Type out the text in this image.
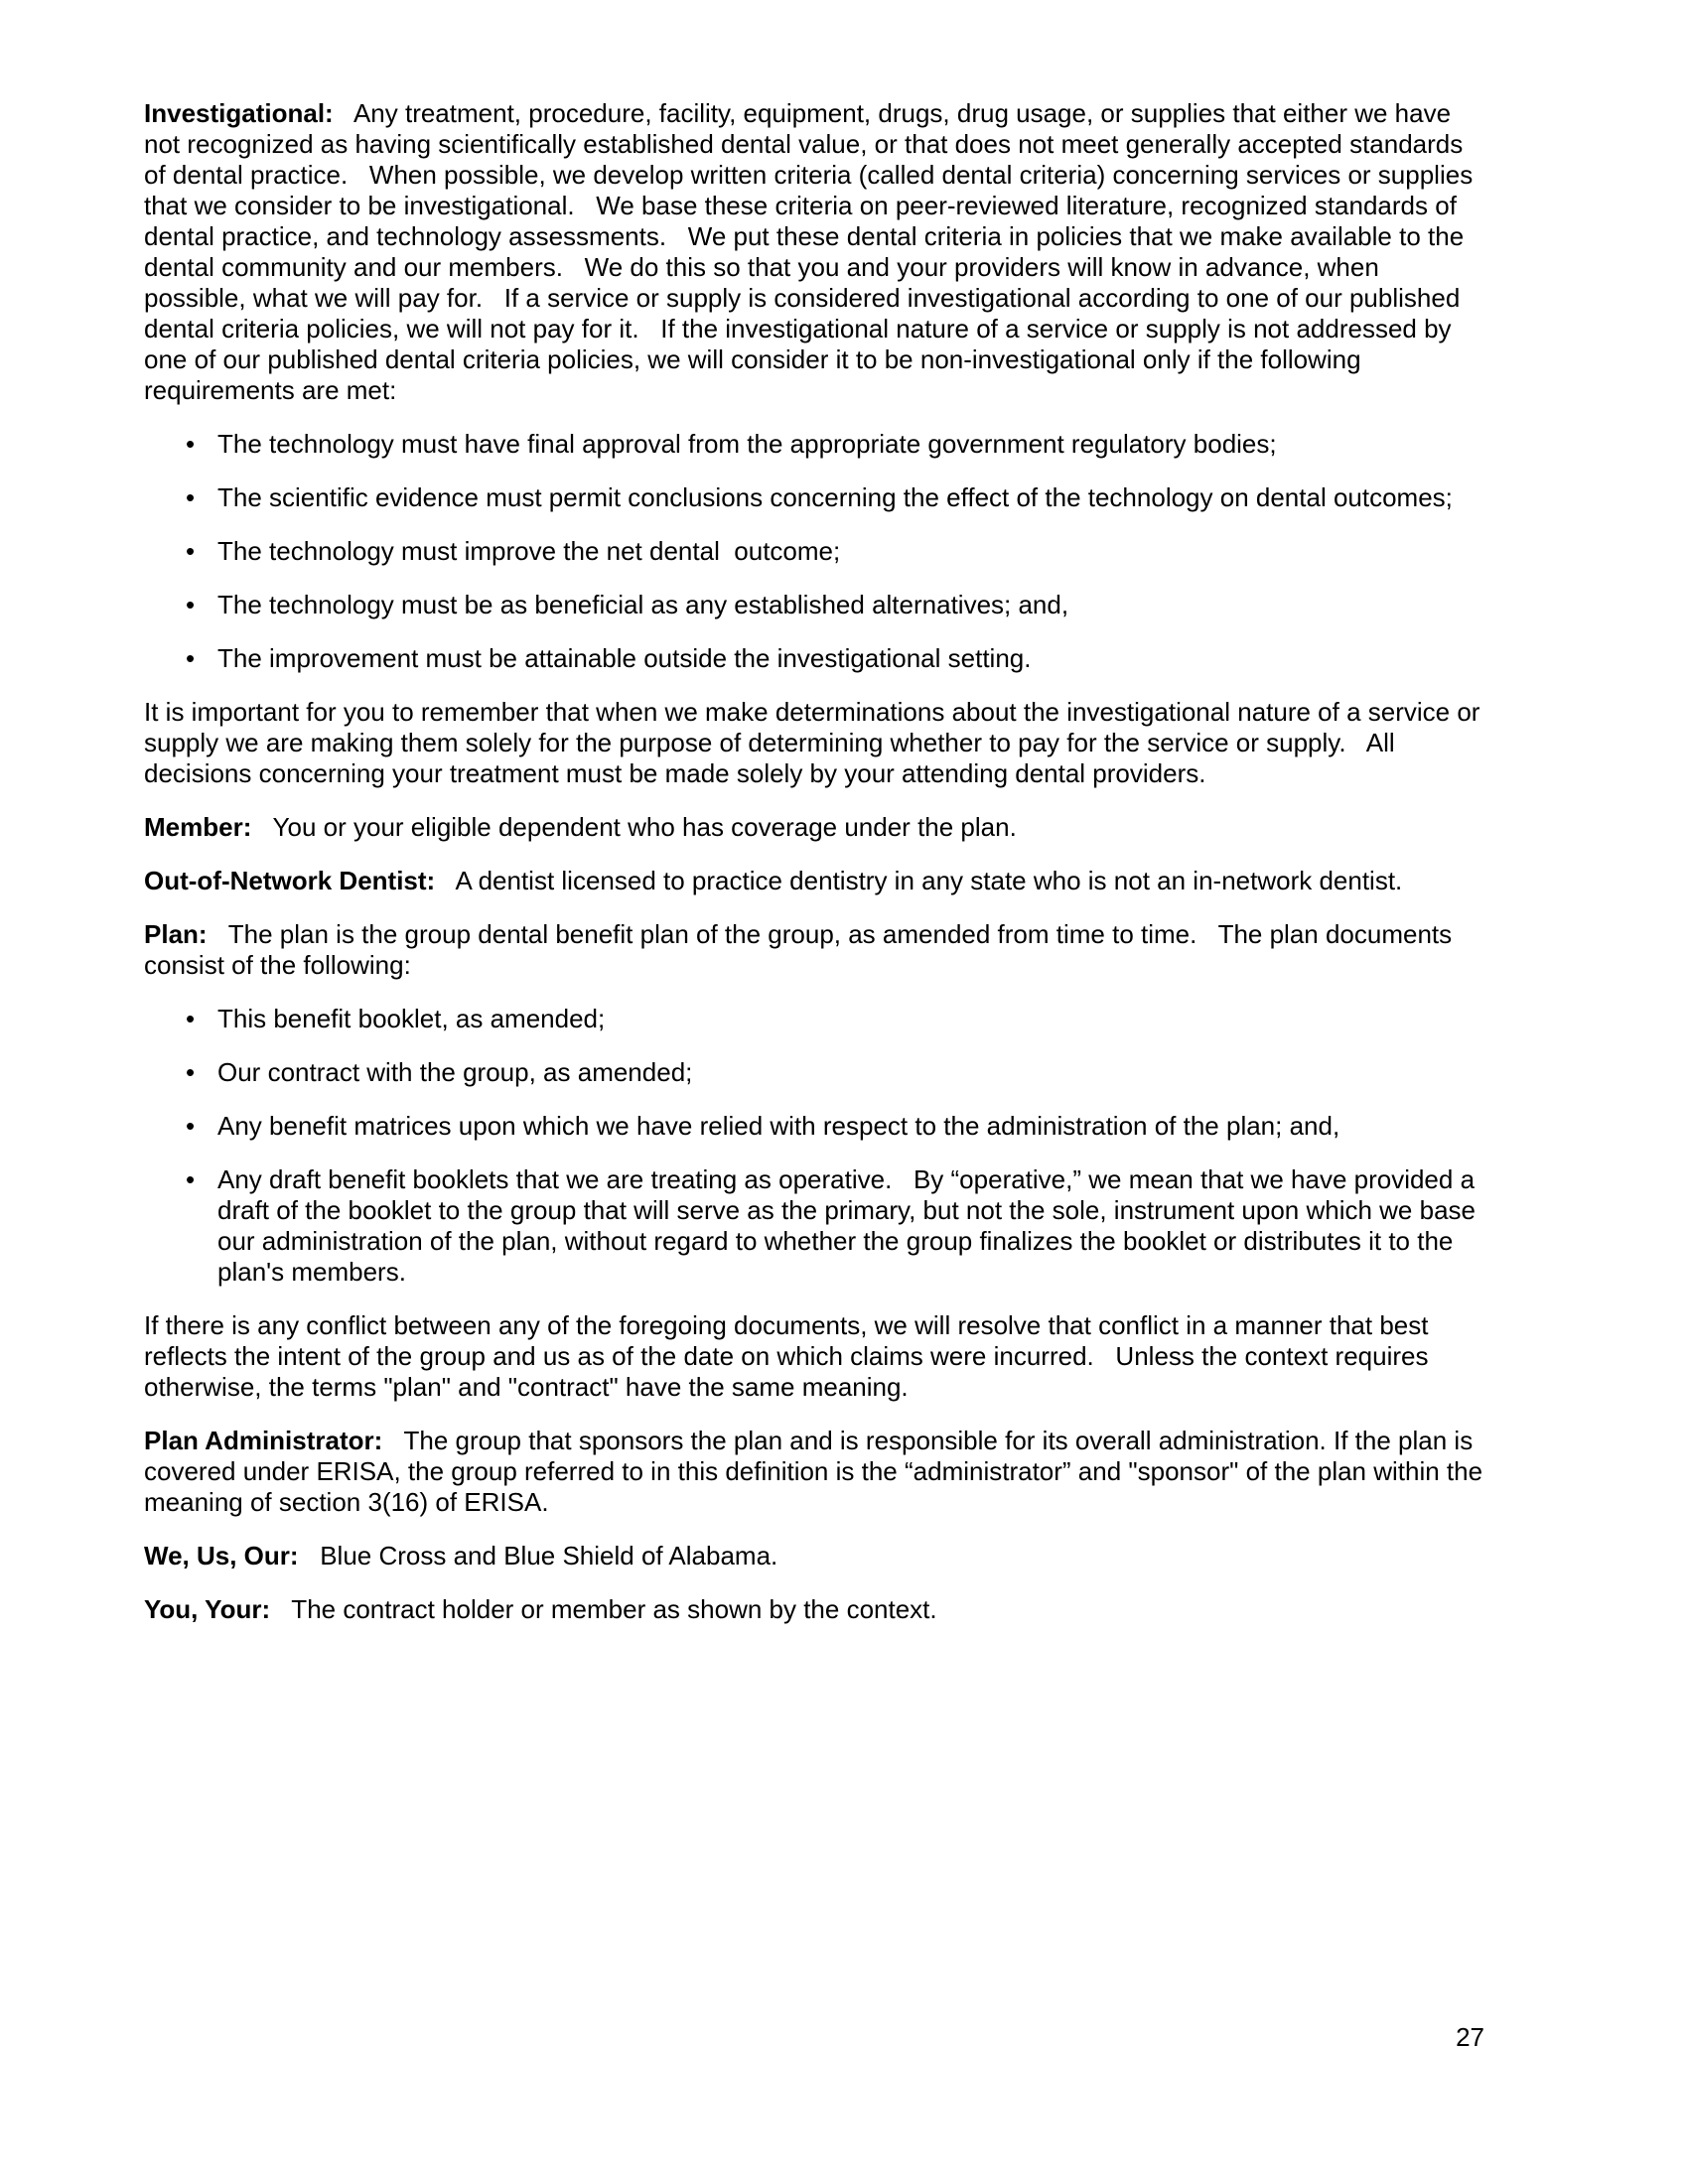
Investigational:   Any treatment, procedure, facility, equipment, drugs, drug usage, or supplies that either we have not recognized as having scientifically established dental value, or that does not meet generally accepted standards of dental practice.   When possible, we develop written criteria (called dental criteria) concerning services or supplies that we consider to be investigational.   We base these criteria on peer-reviewed literature, recognized standards of dental practice, and technology assessments.   We put these dental criteria in policies that we make available to the dental community and our members.   We do this so that you and your providers will know in advance, when possible, what we will pay for.   If a service or supply is considered investigational according to one of our published dental criteria policies, we will not pay for it.   If the investigational nature of a service or supply is not addressed by one of our published dental criteria policies, we will consider it to be non-investigational only if the following requirements are met:

• The technology must have final approval from the appropriate government regulatory bodies;
• The scientific evidence must permit conclusions concerning the effect of the technology on dental outcomes;
• The technology must improve the net dental  outcome;
• The technology must be as beneficial as any established alternatives; and,
• The improvement must be attainable outside the investigational setting.

It is important for you to remember that when we make determinations about the investigational nature of a service or supply we are making them solely for the purpose of determining whether to pay for the service or supply.   All decisions concerning your treatment must be made solely by your attending dental providers.

Member:   You or your eligible dependent who has coverage under the plan.

Out-of-Network Dentist:   A dentist licensed to practice dentistry in any state who is not an in-network dentist.

Plan:   The plan is the group dental benefit plan of the group, as amended from time to time.   The plan documents consist of the following:

• This benefit booklet, as amended;
• Our contract with the group, as amended;
• Any benefit matrices upon which we have relied with respect to the administration of the plan; and,
• Any draft benefit booklets that we are treating as operative.   By “operative,” we mean that we have provided a draft of the booklet to the group that will serve as the primary, but not the sole, instrument upon which we base our administration of the plan, without regard to whether the group finalizes the booklet or distributes it to the plan's members.

If there is any conflict between any of the foregoing documents, we will resolve that conflict in a manner that best reflects the intent of the group and us as of the date on which claims were incurred.   Unless the context requires otherwise, the terms "plan" and "contract" have the same meaning.

Plan Administrator:   The group that sponsors the plan and is responsible for its overall administration. If the plan is covered under ERISA, the group referred to in this definition is the “administrator” and "sponsor" of the plan within the meaning of section 3(16) of ERISA.

We, Us, Our:   Blue Cross and Blue Shield of Alabama.

You, Your:   The contract holder or member as shown by the context.

27
